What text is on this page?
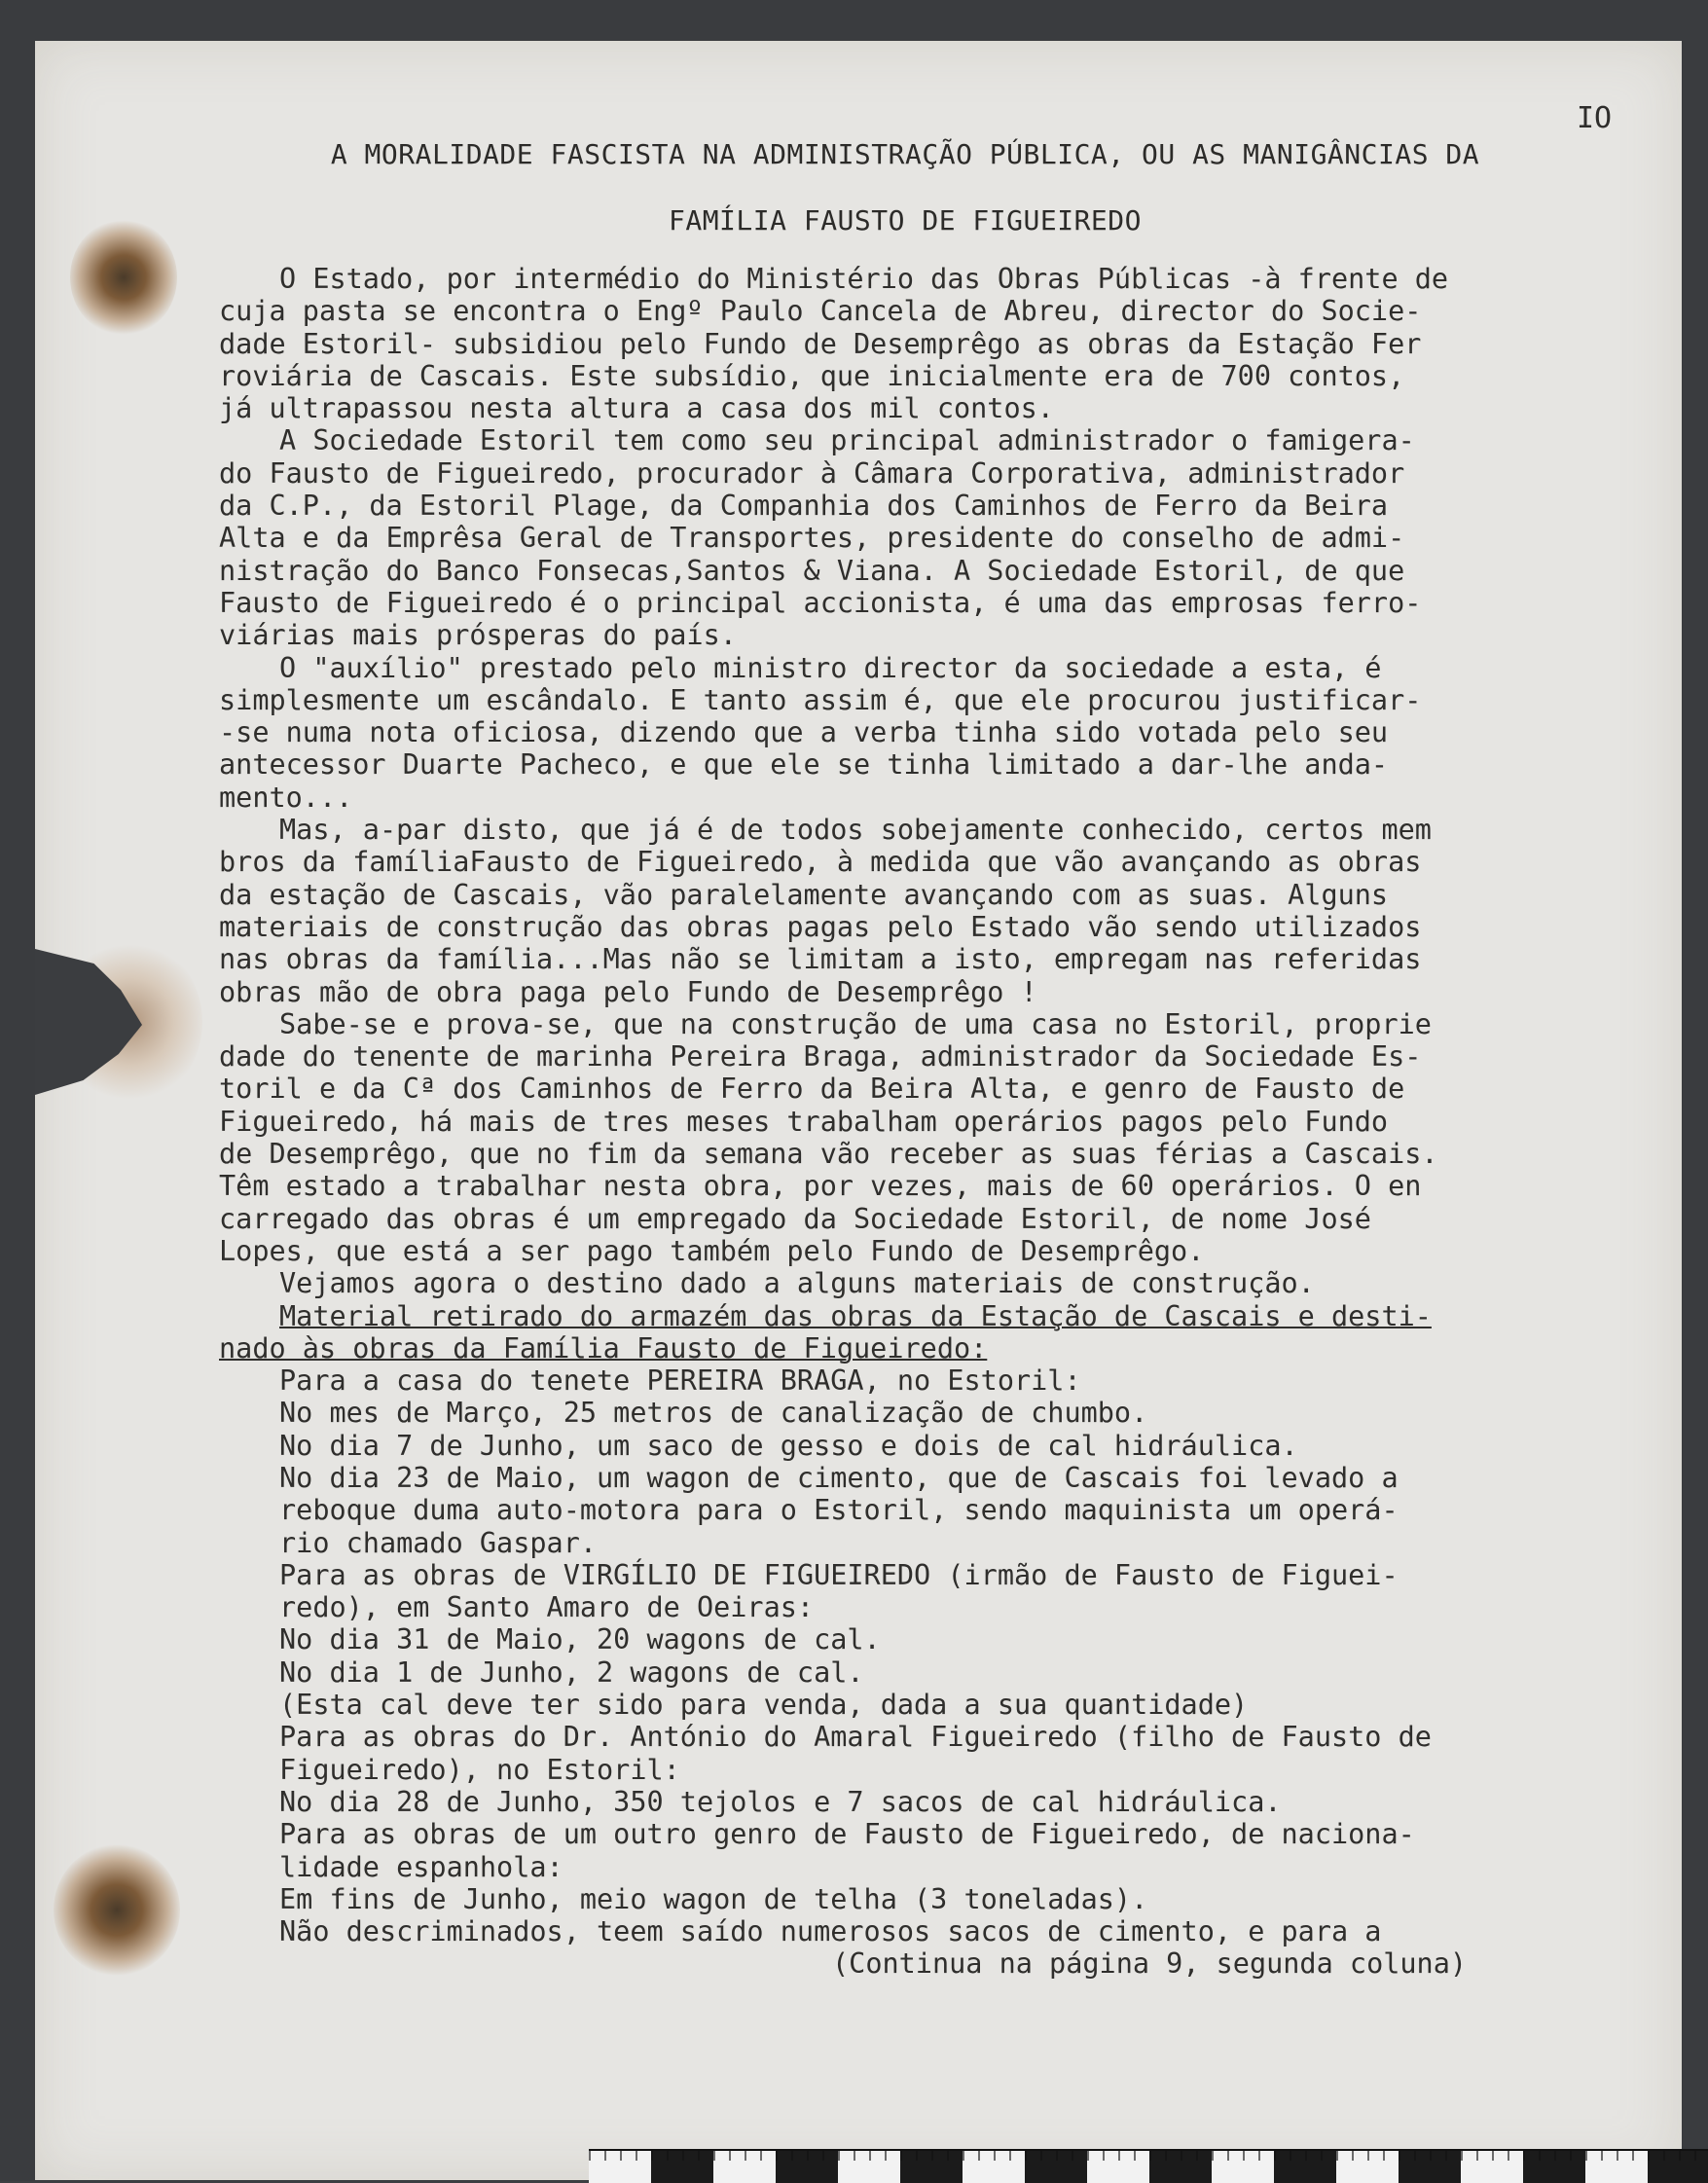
IO
A MORALIDADE FASCISTA NA ADMINISTRAÇÃO PÚBLICA, OU AS MANIGÂNCIAS DA
FAMÍLIA FAUSTO DE FIGUEIREDO
O Estado, por intermédio do Ministério das Obras Públicas -à frente de
cuja pasta se encontra o Engº Paulo Cancela de Abreu, director do Socie-
dade Estoril- subsidiou pelo Fundo de Desemprêgo as obras da Estação Fer
roviária de Cascais. Este subsídio, que inicialmente era de 700 contos,
já ultrapassou nesta altura a casa dos mil contos.
A Sociedade Estoril tem como seu principal administrador o famigera-
do Fausto de Figueiredo, procurador à Câmara Corporativa, administrador
da C.P., da Estoril Plage, da Companhia dos Caminhos de Ferro da Beira
Alta e da Emprêsa Geral de Transportes, presidente do conselho de admi-
nistração do Banco Fonsecas,Santos & Viana. A Sociedade Estoril, de que
Fausto de Figueiredo é o principal accionista, é uma das emprosas ferro-
viárias mais prósperas do país.
O "auxílio" prestado pelo ministro director da sociedade a esta, é
simplesmente um escândalo. E tanto assim é, que ele procurou justificar-
-se numa nota oficiosa, dizendo que a verba tinha sido votada pelo seu
antecessor Duarte Pacheco, e que ele se tinha limitado a dar-lhe anda-
mento...
Mas, a-par disto, que já é de todos sobejamente conhecido, certos mem
bros da famíliaFausto de Figueiredo, à medida que vão avançando as obras
da estação de Cascais, vão paralelamente avançando com as suas. Alguns
materiais de construção das obras pagas pelo Estado vão sendo utilizados
nas obras da família...Mas não se limitam a isto, empregam nas referidas
obras mão de obra paga pelo Fundo de Desemprêgo !
Sabe-se e prova-se, que na construção de uma casa no Estoril, proprie
dade do tenente de marinha Pereira Braga, administrador da Sociedade Es-
toril e da Cª dos Caminhos de Ferro da Beira Alta, e genro de Fausto de
Figueiredo, há mais de tres meses trabalham operários pagos pelo Fundo
de Desemprêgo, que no fim da semana vão receber as suas férias a Cascais.
Têm estado a trabalhar nesta obra, por vezes, mais de 60 operários. O en
carregado das obras é um empregado da Sociedade Estoril, de nome José
Lopes, que está a ser pago também pelo Fundo de Desemprêgo.
Vejamos agora o destino dado a alguns materiais de construção.
Material retirado do armazém das obras da Estação de Cascais e desti-
nado às obras da Família Fausto de Figueiredo:
Para a casa do tenete PEREIRA BRAGA, no Estoril:
No mes de Março, 25 metros de canalização de chumbo.
No dia 7 de Junho, um saco de gesso e dois de cal hidráulica.
No dia 23 de Maio, um wagon de cimento, que de Cascais foi levado a
reboque duma auto-motora para o Estoril, sendo maquinista um operá-
rio chamado Gaspar.
Para as obras de VIRGÍLIO DE FIGUEIREDO (irmão de Fausto de Figuei-
redo), em Santo Amaro de Oeiras:
No dia 31 de Maio, 20 wagons de cal.
No dia 1 de Junho, 2 wagons de cal.
(Esta cal deve ter sido para venda, dada a sua quantidade)
Para as obras do Dr. António do Amaral Figueiredo (filho de Fausto de
Figueiredo), no Estoril:
No dia 28 de Junho, 350 tejolos e 7 sacos de cal hidráulica.
Para as obras de um outro genro de Fausto de Figueiredo, de naciona-
lidade espanhola:
Em fins de Junho, meio wagon de telha (3 toneladas).
Não descriminados, teem saído numerosos sacos de cimento, e para a
(Continua na página 9, segunda coluna)
